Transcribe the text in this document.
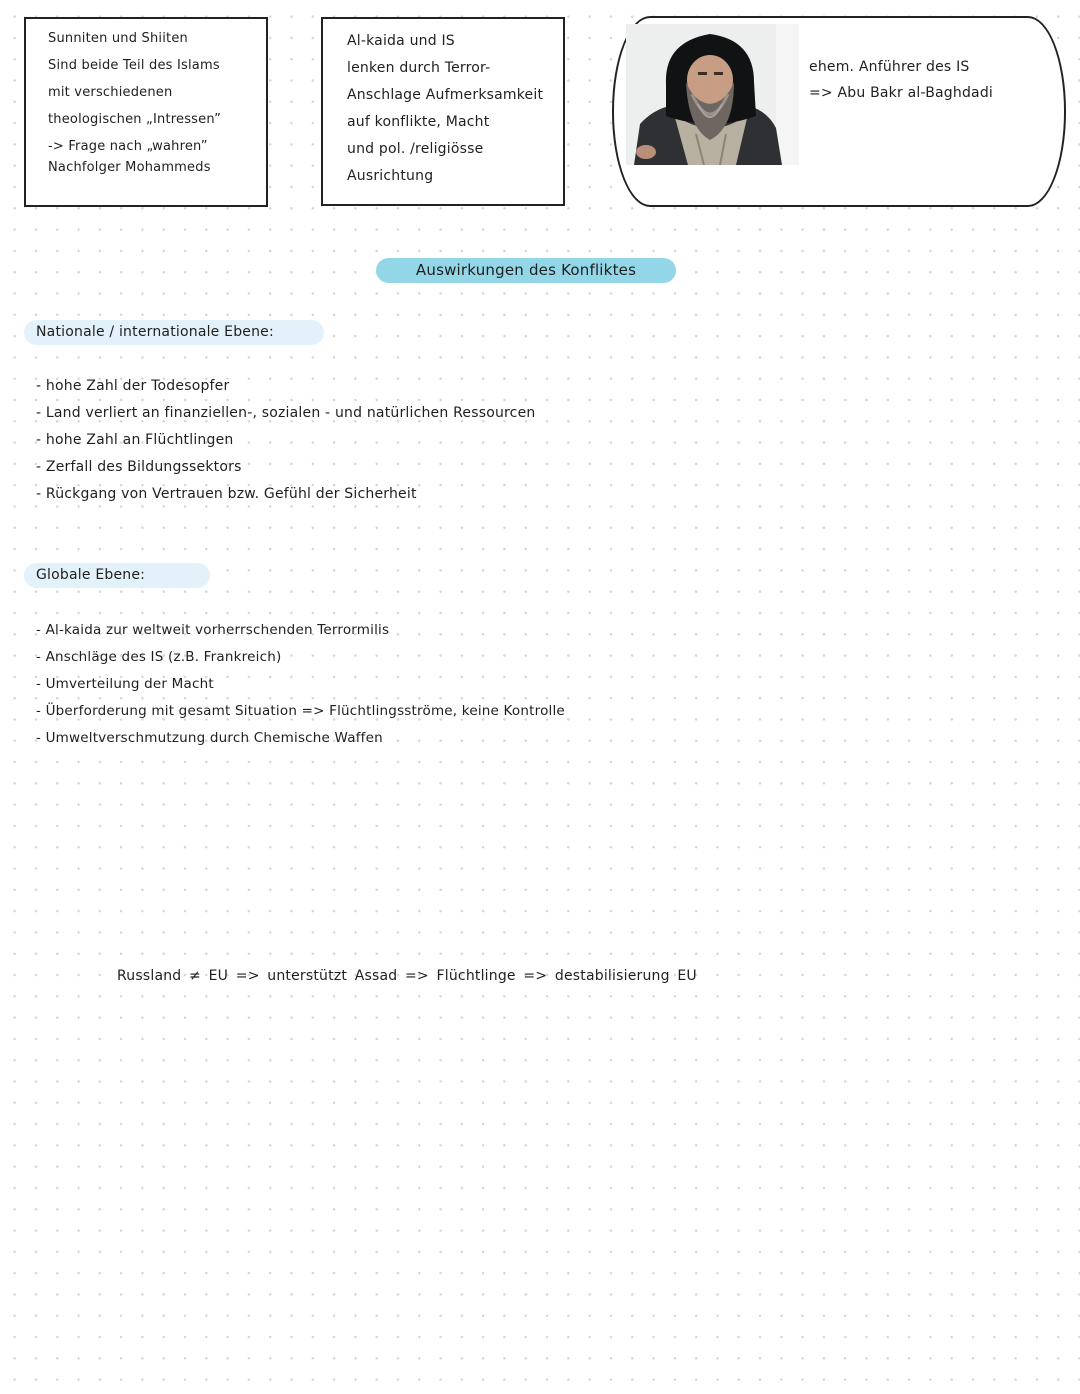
Sunniten und Shiiten
Sind beide Teil des Islams
mit verschiedenen
theologischen „Intressen”
-> Frage nach „wahren”
Nachfolger Mohammeds
Al-kaida und IS
lenken durch Terror-
Anschlage Aufmerksamkeit
auf konflikte, Macht
und pol. /religiösse
Ausrichtung
ehem. Anführer des IS
=> Abu Bakr al-Baghdadi
Auswirkungen des Konfliktes
Nationale / internationale Ebene:
- hohe Zahl der Todesopfer
- Land verliert an finanziellen-, sozialen - und natürlichen Ressourcen
- hohe Zahl an Flüchtlingen
- Zerfall des Bildungssektors
- Rückgang von Vertrauen bzw. Gefühl der Sicherheit
Globale Ebene:
- Al-kaida zur weltweit vorherrschenden Terrormilis
- Anschläge des IS (z.B. Frankreich)
- Umverteilung der Macht
- Überforderung mit gesamt Situation => Flüchtlingsströme, keine Kontrolle
- Umweltverschmutzung durch Chemische Waffen
Russland ≠ EU => unterstützt Assad => Flüchtlinge => destabilisierung EU
